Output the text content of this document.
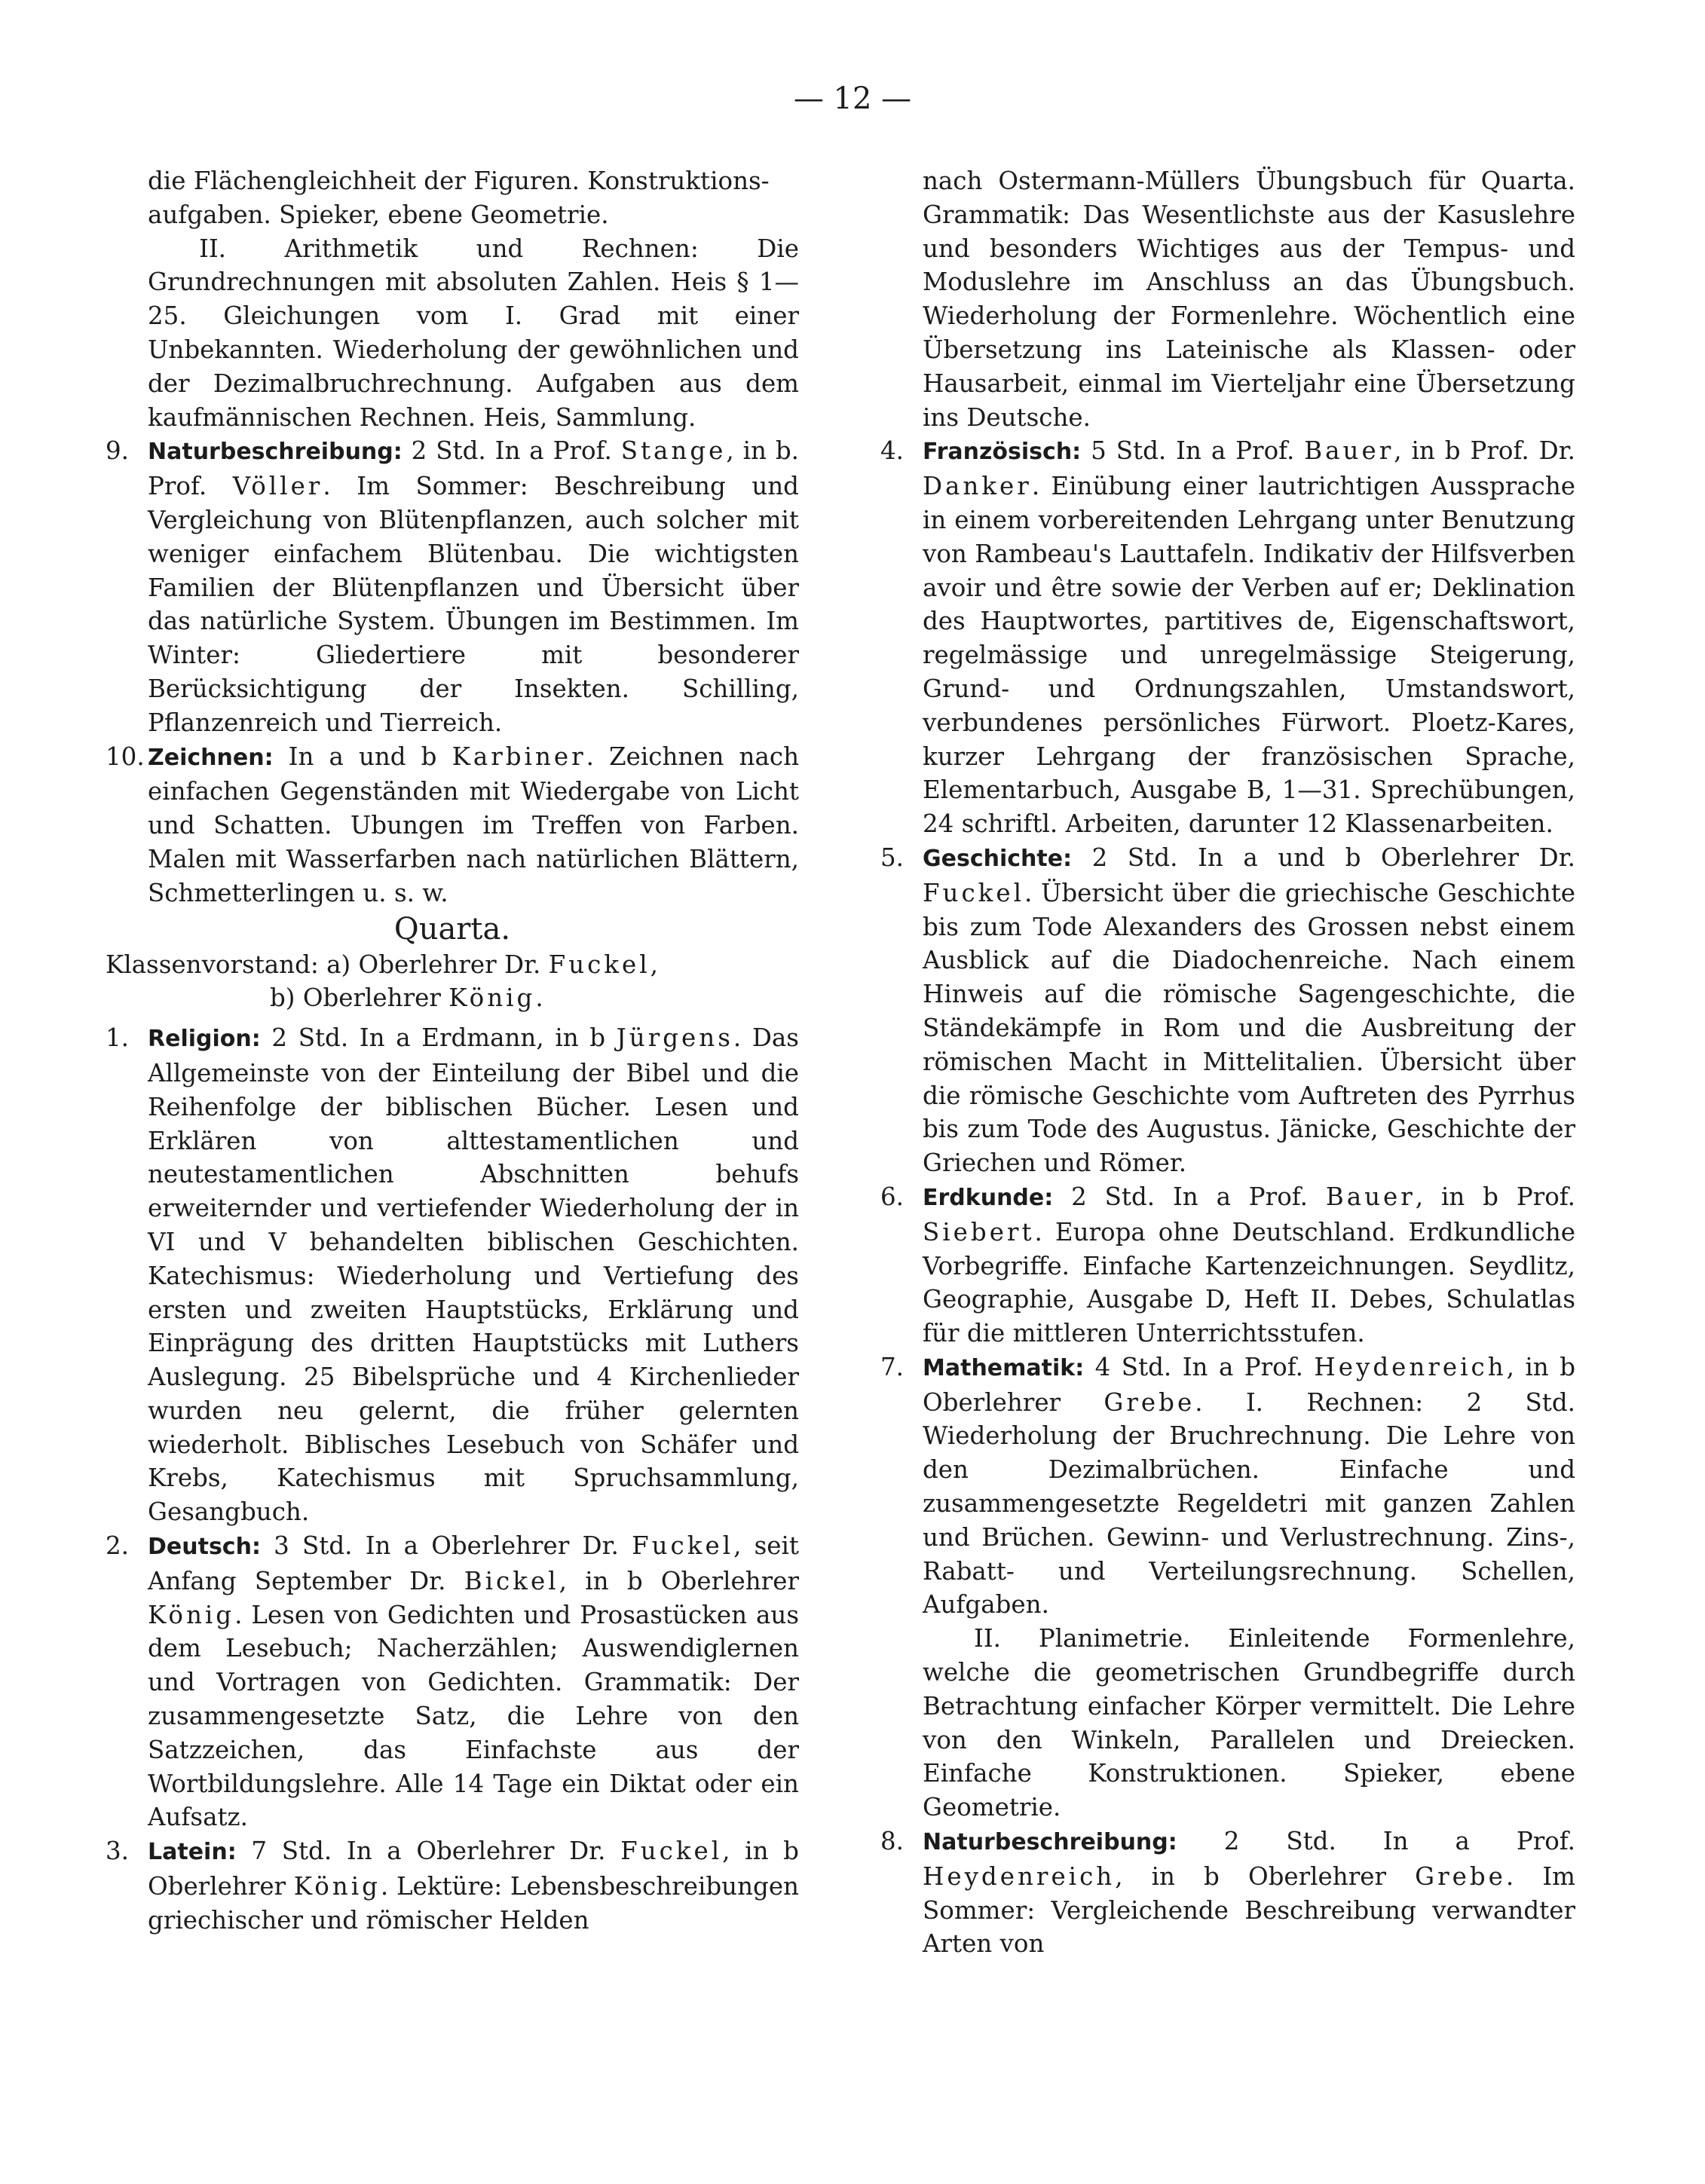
— 12 —
die Flächengleichheit der Figuren. Konstruktions-
aufgaben. Spieker, ebene Geometrie.
II. Arithmetik und Rechnen: Die Grundrechnungen mit absoluten Zahlen. Heis § 1—25. Gleichungen vom I. Grad mit einer Unbekannten. Wiederholung der gewöhnlichen und der Dezimalbruchrechnung. Aufgaben aus dem kaufmännischen Rechnen. Heis, Sammlung.
9. Naturbeschreibung: 2 Std. In a Prof. Stange, in b. Prof. Völler. Im Sommer: Beschreibung und Vergleichung von Blütenpflanzen, auch solcher mit weniger einfachem Blütenbau. Die wichtigsten Familien der Blütenpflanzen und Übersicht über das natürliche System. Übungen im Bestimmen. Im Winter: Gliedertiere mit besonderer Berücksichtigung der Insekten. Schilling, Pflanzenreich und Tierreich.
10. Zeichnen: In a und b Karbiner. Zeichnen nach einfachen Gegenständen mit Wiedergabe von Licht und Schatten. Ubungen im Treffen von Farben. Malen mit Wasserfarben nach natürlichen Blättern, Schmetterlingen u. s. w.
Quarta.
Klassenvorstand: a) Oberlehrer Dr. Fuckel,
b) Oberlehrer König.
1. Religion: 2 Std. In a Erdmann, in b Jürgens. Das Allgemeinste von der Einteilung der Bibel und die Reihenfolge der biblischen Bücher. Lesen und Erklären von alttestamentlichen und neutestamentlichen Abschnitten behufs erweiternder und vertiefender Wiederholung der in VI und V behandelten biblischen Geschichten. Katechismus: Wiederholung und Vertiefung des ersten und zweiten Hauptstücks, Erklärung und Einprägung des dritten Hauptstücks mit Luthers Auslegung. 25 Bibelsprüche und 4 Kirchenlieder wurden neu gelernt, die früher gelernten wiederholt. Biblisches Lesebuch von Schäfer und Krebs, Katechismus mit Spruchsammlung, Gesangbuch.
2. Deutsch: 3 Std. In a Oberlehrer Dr. Fuckel, seit Anfang September Dr. Bickel, in b Oberlehrer König. Lesen von Gedichten und Prosastücken aus dem Lesebuch; Nacherzählen; Auswendiglernen und Vortragen von Gedichten. Grammatik: Der zusammengesetzte Satz, die Lehre von den Satzzeichen, das Einfachste aus der Wortbildungslehre. Alle 14 Tage ein Diktat oder ein Aufsatz.
3. Latein: 7 Std. In a Oberlehrer Dr. Fuckel, in b Oberlehrer König. Lektüre: Lebensbeschreibungen griechischer und römischer Helden
nach Ostermann-Müllers Übungsbuch für Quarta. Grammatik: Das Wesentlichste aus der Kasuslehre und besonders Wichtiges aus der Tempus- und Moduslehre im Anschluss an das Übungsbuch. Wiederholung der Formenlehre. Wöchentlich eine Übersetzung ins Lateinische als Klassen- oder Hausarbeit, einmal im Vierteljahr eine Übersetzung ins Deutsche.
4. Französisch: 5 Std. In a Prof. Bauer, in b Prof. Dr. Danker. Einübung einer lautrichtigen Aussprache in einem vorbereitenden Lehrgang unter Benutzung von Rambeau's Lauttafeln. Indikativ der Hilfsverben avoir und être sowie der Verben auf er; Deklination des Hauptwortes, partitives de, Eigenschaftswort, regelmässige und unregelmässige Steigerung, Grund- und Ordnungszahlen, Umstandswort, verbundenes persönliches Fürwort. Ploetz-Kares, kurzer Lehrgang der französischen Sprache, Elementarbuch, Ausgabe B, 1—31. Sprechübungen, 24 schriftl. Arbeiten, darunter 12 Klassenarbeiten.
5. Geschichte: 2 Std. In a und b Oberlehrer Dr. Fuckel. Übersicht über die griechische Geschichte bis zum Tode Alexanders des Grossen nebst einem Ausblick auf die Diadochenreiche. Nach einem Hinweis auf die römische Sagengeschichte, die Ständekämpfe in Rom und die Ausbreitung der römischen Macht in Mittelitalien. Übersicht über die römische Geschichte vom Auftreten des Pyrrhus bis zum Tode des Augustus. Jänicke, Geschichte der Griechen und Römer.
6. Erdkunde: 2 Std. In a Prof. Bauer, in b Prof. Siebert. Europa ohne Deutschland. Erdkundliche Vorbegriffe. Einfache Kartenzeichnungen. Seydlitz, Geographie, Ausgabe D, Heft II. Debes, Schulatlas für die mittleren Unterrichtsstufen.
7. Mathematik: 4 Std. In a Prof. Heydenreich, in b Oberlehrer Grebe. I. Rechnen: 2 Std. Wiederholung der Bruchrechnung. Die Lehre von den Dezimalbrüchen. Einfache und zusammengesetzte Regeldetri mit ganzen Zahlen und Brüchen. Gewinn- und Verlustrechnung. Zins-, Rabatt- und Verteilungsrechnung. Schellen, Aufgaben.
II. Planimetrie. Einleitende Formenlehre, welche die geometrischen Grundbegriffe durch Betrachtung einfacher Körper vermittelt. Die Lehre von den Winkeln, Parallelen und Dreiecken. Einfache Konstruktionen. Spieker, ebene Geometrie.
8. Naturbeschreibung: 2 Std. In a Prof. Heydenreich, in b Oberlehrer Grebe. Im Sommer: Vergleichende Beschreibung verwandter Arten von
